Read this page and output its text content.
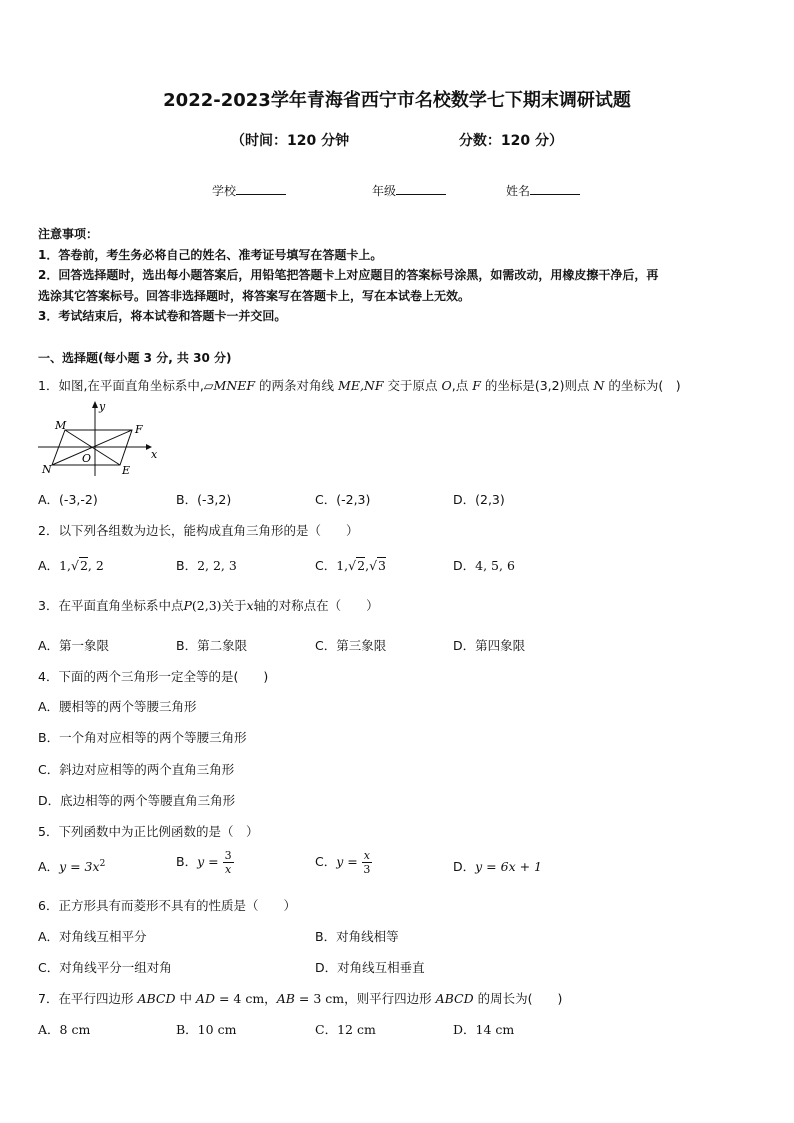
2022-2023学年青海省西宁市名校数学七下期末调研试题
（时间：120 分钟	分数：120 分）
学校	年级	姓名

注意事项：

1．答卷前，考生务必将自己的姓名、准考证号填写在答题卡上。

2．回答选择题时，选出每小题答案后，用铅笔把答题卡上对应题目的答案标号涂黑，如需改动，用橡皮擦干净后，再

选涂其它答案标号。回答非选择题时，将答案写在答题卡上，写在本试卷上无效。

3．考试结束后，将本试卷和答题卡一并交回。

一、选择题(每小题 3 分, 共 30 分)
1．如图,在平面直角坐标系中,▱MNEF 的两条对角线 ME,NF 交于原点 O,点 F 的坐标是(3,2)则点 N 的坐标为(　)
M	F
N	E
O	x
y
A．(-3,-2)	B．(-3,2)	C．(-2,3)	D．(2,3)
2．以下列各组数为边长，能构成直角三角形的是（　　）
A．1,√2, 2	B．2, 2, 3	C．1,√2,√3	D．4, 5, 6
3．在平面直角坐标系中点P(2,3)关于x轴的对称点在（　　）
A．第一象限	B．第二象限	C．第三象限	D．第四象限
4．下面的两个三角形一定全等的是(　　)
A．腰相等的两个等腰三角形
B．一个角对应相等的两个等腰三角形
C．斜边对应相等的两个直角三角形
D．底边相等的两个等腰直角三角形
5．下列函数中为正比例函数的是（　）
A．$y = 3x^2$	B．$y = \frac{3}{x}$	C．$y = \frac{x}{3}$	D．y = 6x + 1
6．正方形具有而菱形不具有的性质是（　　）
A．对角线互相平分	B．对角线相等
C．对角线平分一组对角	D．对角线互相垂直
7．在平行四边形 ABCD 中 AD = 4 cm，AB = 3 cm，则平行四边形 ABCD 的周长为(　　)
A．8 cm	B．10 cm	C．12 cm	D．14 cm
